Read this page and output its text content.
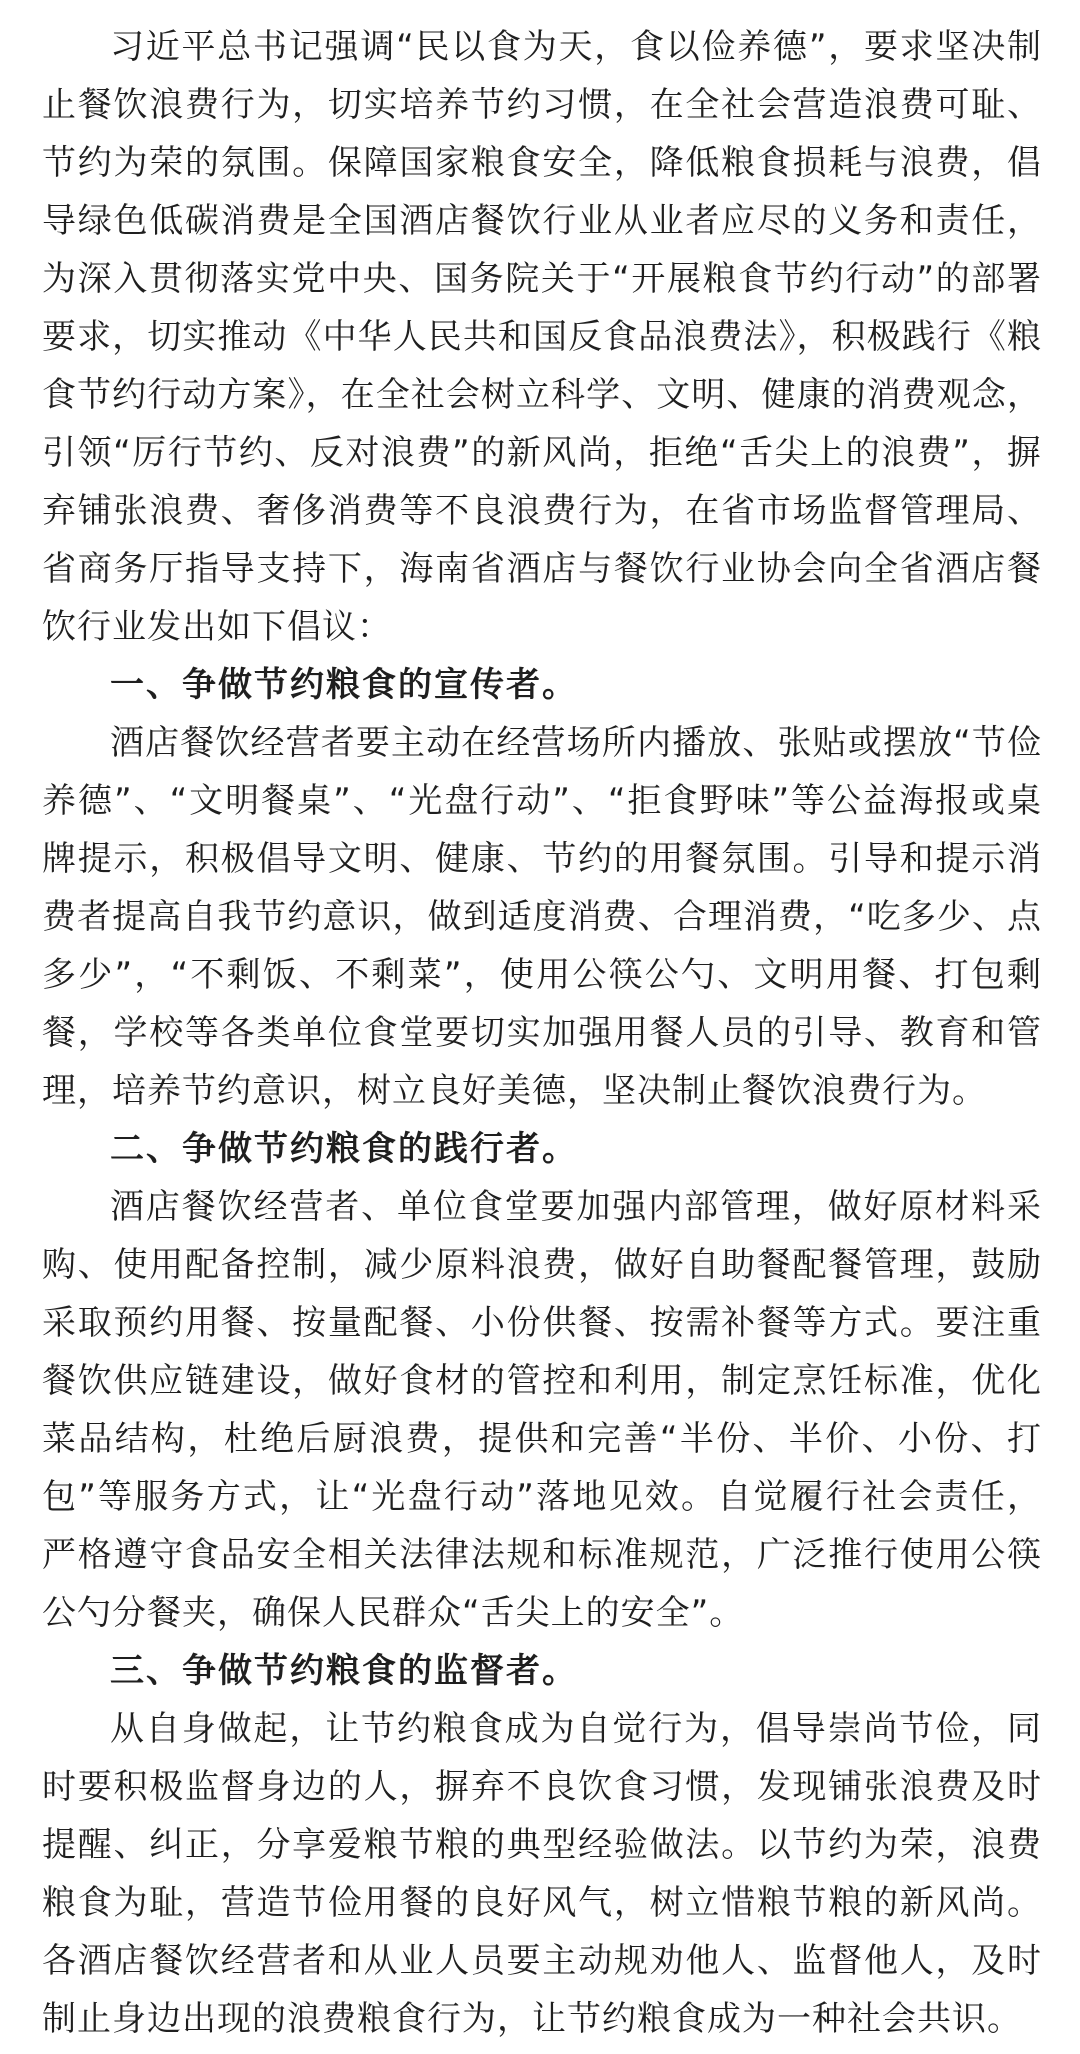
习近平总书记强调“民以食为天，食以俭养德”，要求坚决制止餐饮浪费行为，切实培养节约习惯，在全社会营造浪费可耻、节约为荣的氛围。保障国家粮食安全，降低粮食损耗与浪费，倡导绿色低碳消费是全国酒店餐饮行业从业者应尽的义务和责任，为深入贯彻落实党中央、国务院关于“开展粮食节约行动”的部署要求，切实推动《中华人民共和国反食品浪费法》，积极践行《粮食节约行动方案》，在全社会树立科学、文明、健康的消费观念，引领“厉行节约、反对浪费”的新风尚，拒绝“舌尖上的浪费”，摒弃铺张浪费、奢侈消费等不良浪费行为，在省市场监督管理局、省商务厅指导支持下，海南省酒店与餐饮行业协会向全省酒店餐饮行业发出如下倡议：

一、争做节约粮食的宣传者。

酒店餐饮经营者要主动在经营场所内播放、张贴或摆放“节俭养德”、“文明餐桌”、“光盘行动”、“拒食野味”等公益海报或桌牌提示，积极倡导文明、健康、节约的用餐氛围。引导和提示消费者提高自我节约意识，做到适度消费、合理消费，“吃多少、点多少”，“不剩饭、不剩菜”，使用公筷公勺、文明用餐、打包剩餐，学校等各类单位食堂要切实加强用餐人员的引导、教育和管理，培养节约意识，树立良好美德，坚决制止餐饮浪费行为。

二、争做节约粮食的践行者。

酒店餐饮经营者、单位食堂要加强内部管理，做好原材料采购、使用配备控制，减少原料浪费，做好自助餐配餐管理，鼓励采取预约用餐、按量配餐、小份供餐、按需补餐等方式。要注重餐饮供应链建设，做好食材的管控和利用，制定烹饪标准，优化菜品结构，杜绝后厨浪费，提供和完善“半份、半价、小份、打包”等服务方式，让“光盘行动”落地见效。自觉履行社会责任，严格遵守食品安全相关法律法规和标准规范，广泛推行使用公筷公勺分餐夹，确保人民群众“舌尖上的安全”。

三、争做节约粮食的监督者。

从自身做起，让节约粮食成为自觉行为，倡导崇尚节俭，同时要积极监督身边的人，摒弃不良饮食习惯，发现铺张浪费及时提醒、纠正，分享爱粮节粮的典型经验做法。以节约为荣，浪费粮食为耻，营造节俭用餐的良好风气，树立惜粮节粮的新风尚。各酒店餐饮经营者和从业人员要主动规劝他人、监督他人，及时制止身边出现的浪费粮食行为，让节约粮食成为一种社会共识。
